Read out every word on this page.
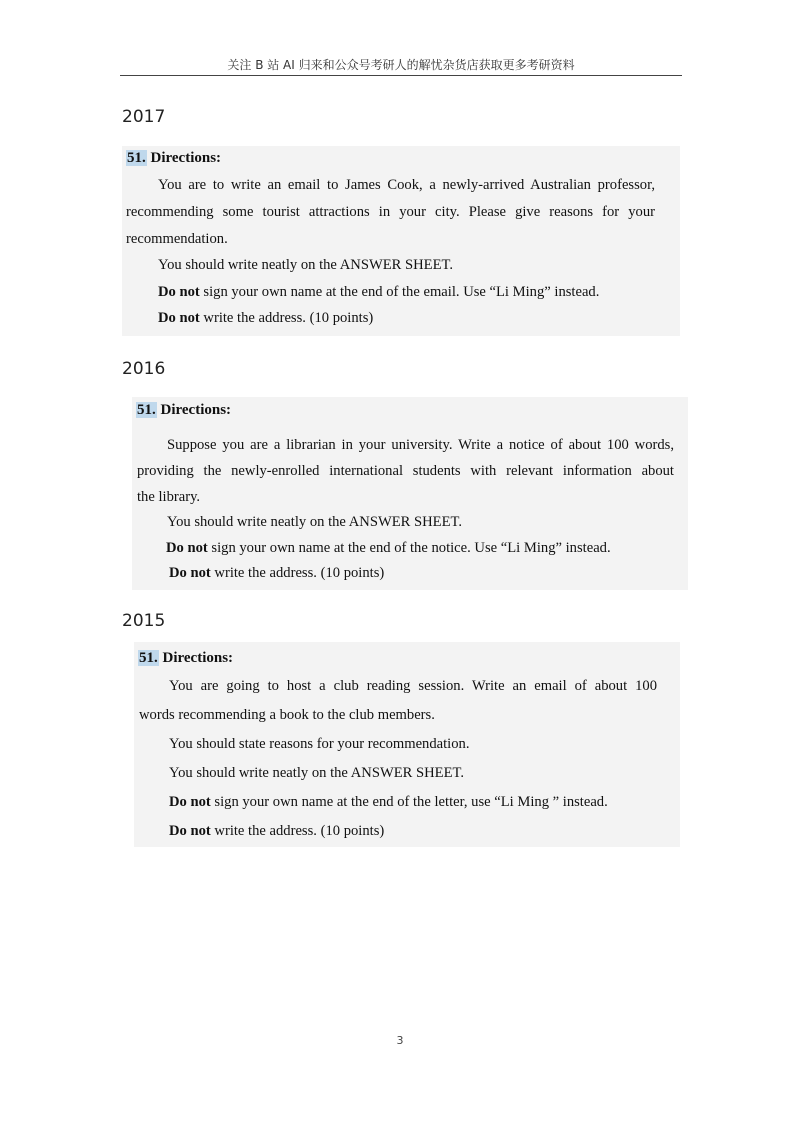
关注 B 站 AI 归来和公众号考研人的解忧杂货店获取更多考研资料
2017
51. Directions:
You are to write an email to James Cook, a newly-arrived Australian professor,
recommending some tourist attractions in your city. Please give reasons for your
recommendation.
You should write neatly on the ANSWER SHEET.
Do not sign your own name at the end of the email. Use “Li Ming” instead.
Do not write the address. (10 points)
2016
51. Directions:
Suppose you are a librarian in your university. Write a notice of about 100 words,
providing the newly-enrolled international students with relevant information about
the library.
You should write neatly on the ANSWER SHEET.
Do not sign your own name at the end of the notice. Use “Li Ming” instead.
Do not write the address. (10 points)
2015
51. Directions:
You are going to host a club reading session. Write an email of about 100
words recommending a book to the club members.
You should state reasons for your recommendation.
You should write neatly on the ANSWER SHEET.
Do not sign your own name at the end of the letter, use “Li Ming ” instead.
Do not write the address. (10 points)
3
